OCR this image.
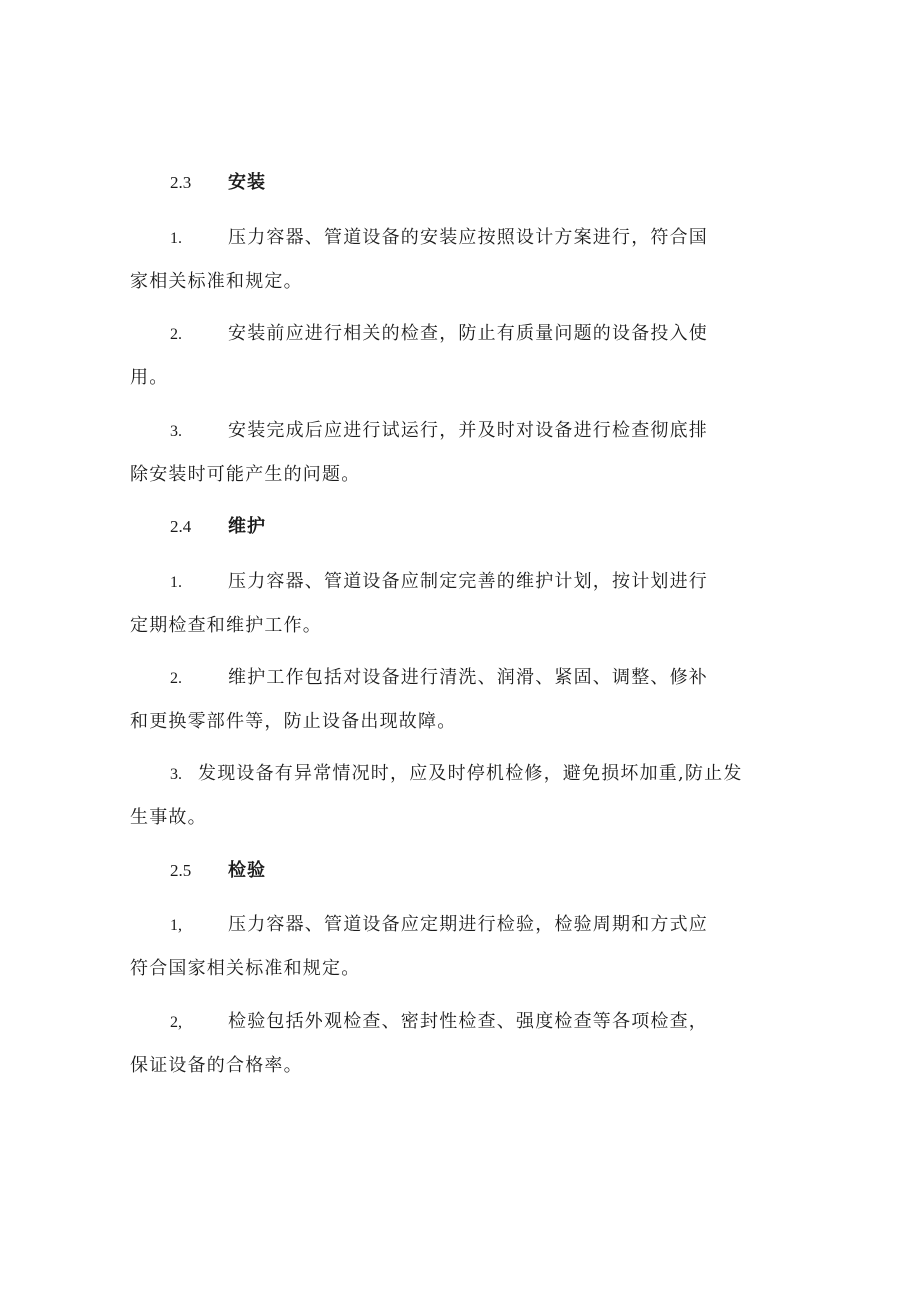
2.3 安装
1.	压力容器、管道设备的安装应按照设计方案进行，符合国
家相关标准和规定。
2.	安装前应进行相关的检查，防止有质量问题的设备投入使
用。
3.	安装完成后应进行试运行，并及时对设备进行检查彻底排
除安装时可能产生的问题。
2.4 维护
1.	压力容器、管道设备应制定完善的维护计划，按计划进行
定期检查和维护工作。
2.	维护工作包括对设备进行清洗、润滑、紧固、调整、修补
和更换零部件等，防止设备出现故障。
3. 发现设备有异常情况时，应及时停机检修，避免损坏加重,防止发
生事故。
2.5 检验
1,	压力容器、管道设备应定期进行检验，检验周期和方式应
符合国家相关标准和规定。
2,	检验包括外观检查、密封性检查、强度检查等各项检查，
保证设备的合格率。
